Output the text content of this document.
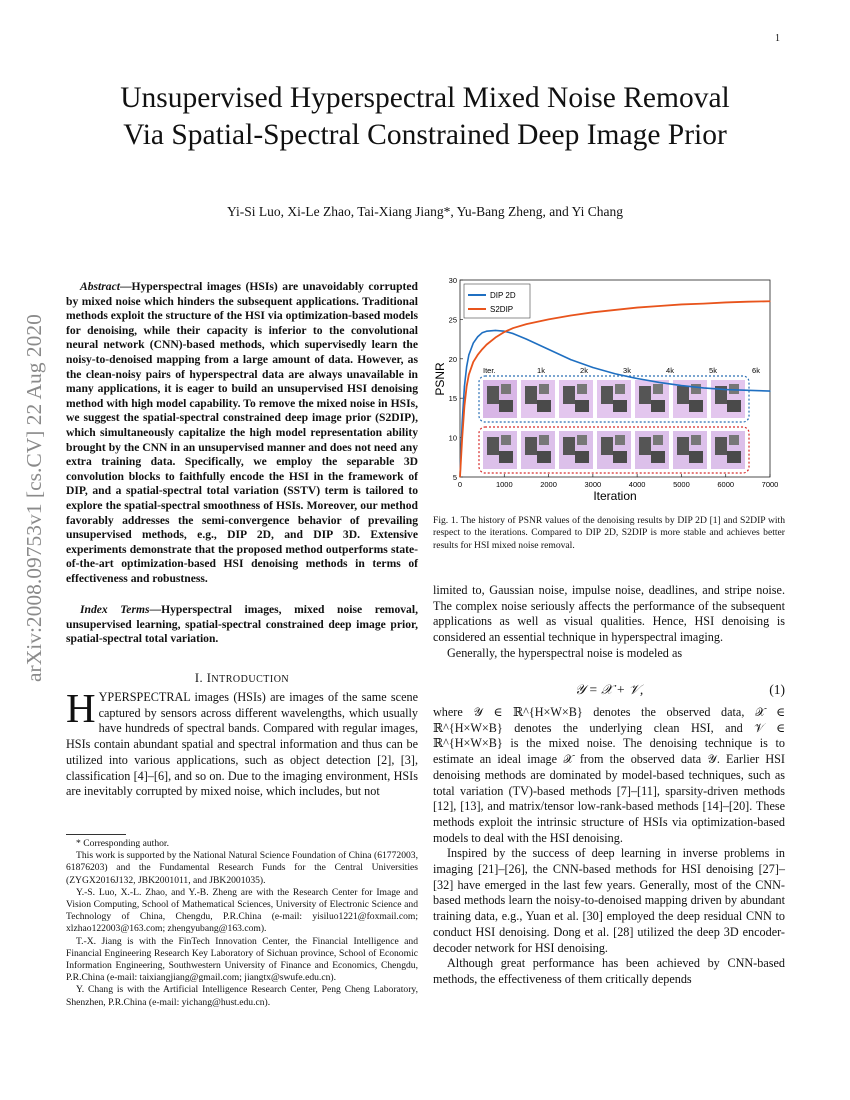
1
arXiv:2008.09753v1 [cs.CV] 22 Aug 2020
Unsupervised Hyperspectral Mixed Noise Removal
Via Spatial-Spectral Constrained Deep Image Prior
Yi-Si Luo, Xi-Le Zhao, Tai-Xiang Jiang*, Yu-Bang Zheng, and Yi Chang
Abstract—Hyperspectral images (HSIs) are unavoidably corrupted by mixed noise which hinders the subsequent applications. Traditional methods exploit the structure of the HSI via optimization-based models for denoising, while their capacity is inferior to the convolutional neural network (CNN)-based methods, which supervisedly learn the noisy-to-denoised mapping from a large amount of data. However, as the clean-noisy pairs of hyperspectral data are always unavailable in many applications, it is eager to build an unsupervised HSI denoising method with high model capability. To remove the mixed noise in HSIs, we suggest the spatial-spectral constrained deep image prior (S2DIP), which simultaneously capitalize the high model representation ability brought by the CNN in an unsupervised manner and does not need any extra training data. Specifically, we employ the separable 3D convolution blocks to faithfully encode the HSI in the framework of DIP, and a spatial-spectral total variation (SSTV) term is tailored to explore the spatial-spectral smoothness of HSIs. Moreover, our method favorably addresses the semi-convergence behavior of prevailing unsupervised methods, e.g., DIP 2D, and DIP 3D. Extensive experiments demonstrate that the proposed method outperforms state-of-the-art optimization-based HSI denoising methods in terms of effectiveness and robustness.
Index Terms—Hyperspectral images, mixed noise removal, unsupervised learning, spatial-spectral constrained deep image prior, spatial-spectral total variation.
I. INTRODUCTION
HYPERSPECTRAL images (HSIs) are images of the same scene captured by sensors across different wavelengths, which usually have hundreds of spectral bands. Compared with regular images, HSIs contain abundant spatial and spectral information and thus can be utilized into various applications, such as object detection [2], [3], classification [4]–[6], and so on. Due to the imaging environment, HSIs are inevitably corrupted by mixed noise, which includes, but not

* Corresponding author.

This work is supported by the National Natural Science Foundation of China (61772003, 61876203) and the Fundamental Research Funds for the Central Universities (ZYGX2016J132, JBK2001011, and JBK2001035).

Y.-S. Luo, X.-L. Zhao, and Y.-B. Zheng are with the Research Center for Image and Vision Computing, School of Mathematical Sciences, University of Electronic Science and Technology of China, Chengdu, P.R.China (e-mail: yisiluo1221@foxmail.com; xlzhao122003@163.com; zhengyubang@163.com).

T.-X. Jiang is with the FinTech Innovation Center, the Financial Intelligence and Financial Engineering Research Key Laboratory of Sichuan province, School of Economic Information Engineering, Southwestern University of Finance and Economics, Chengdu, P.R.China (e-mail: taixiangjiang@gmail.com; jiangtx@swufe.edu.cn).

Y. Chang is with the Artificial Intelligence Research Center, Peng Cheng Laboratory, Shenzhen, P.R.China (e-mail: yichang@hust.edu.cn).

0	1000	2000	3000	4000	5000	6000	7000
5
10
15
20
25
30
Iter.	1k	2k	3k	4k	5k	6k
DIP 2D
S2DIP
Iteration
PSNR
Fig. 1. The history of PSNR values of the denoising results by DIP 2D [1] and S2DIP with respect to the iterations. Compared to DIP 2D, S2DIP is more stable and achieves better results for HSI mixed noise removal.

limited to, Gaussian noise, impulse noise, deadlines, and stripe noise. The complex noise seriously affects the performance of the subsequent applications as well as visual qualities. Hence, HSI denoising is considered an essential technique in hyperspectral imaging.

Generally, the hyperspectral noise is modeled as

𝒴 = 𝒳 + 𝒱,	(1)

where 𝒴 ∈ ℝ^{H×W×B} denotes the observed data, 𝒳 ∈ ℝ^{H×W×B} denotes the underlying clean HSI, and 𝒱 ∈ ℝ^{H×W×B} is the mixed noise. The denoising technique is to estimate an ideal image 𝒳 from the observed data 𝒴. Earlier HSI denoising methods are dominated by model-based techniques, such as total variation (TV)-based methods [7]–[11], sparsity-driven methods [12], [13], and matrix/tensor low-rank-based methods [14]–[20]. These methods exploit the intrinsic structure of HSIs via optimization-based models to deal with the HSI denoising.

Inspired by the success of deep learning in inverse problems in imaging [21]–[26], the CNN-based methods for HSI denoising [27]–[32] have emerged in the last few years. Generally, most of the CNN-based methods learn the noisy-to-denoised mapping driven by abundant training data, e.g., Yuan et al. [30] employed the deep residual CNN to conduct HSI denoising. Dong et al. [28] utilized the deep 3D encoder-decoder network for HSI denoising.

Although great performance has been achieved by CNN-based methods, the effectiveness of them critically depends
